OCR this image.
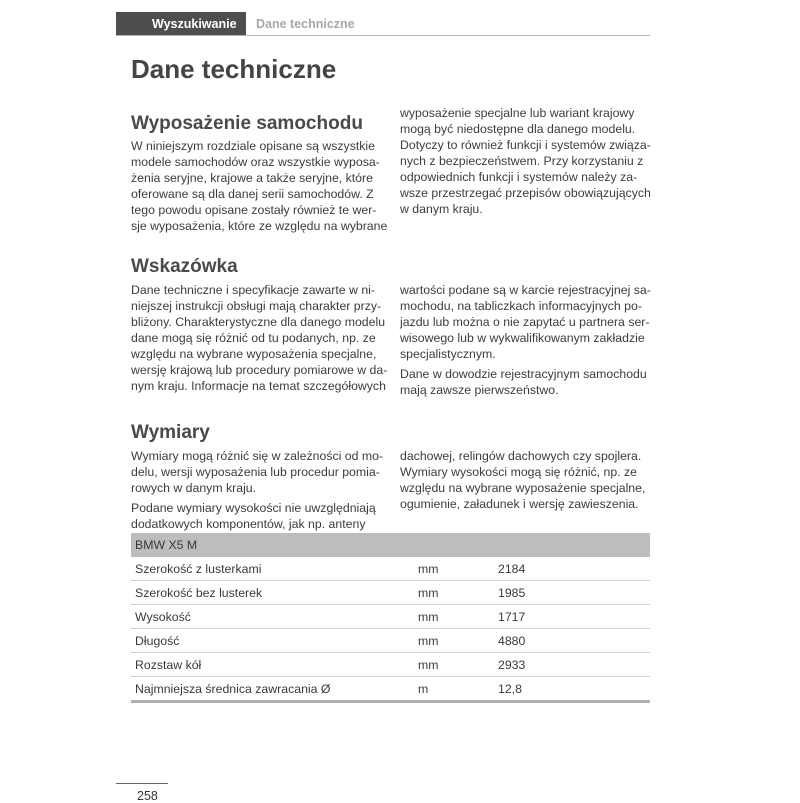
Wyszukiwanie	Dane techniczne
Dane techniczne
Wyposażenie samochodu
W niniejszym rozdziale opisane są wszystkie
modele samochodów oraz wszystkie wyposa-
żenia seryjne, krajowe a także seryjne, które
oferowane są dla danej serii samochodów. Z
tego powodu opisane zostały również te wer-
sje wyposażenia, które ze względu na wybrane
wyposażenie specjalne lub wariant krajowy
mogą być niedostępne dla danego modelu.
Dotyczy to również funkcji i systemów związa-
nych z bezpieczeństwem. Przy korzystaniu z
odpowiednich funkcji i systemów należy za-
wsze przestrzegać przepisów obowiązujących
w danym kraju.
Wskazówka
Dane techniczne i specyfikacje zawarte w ni-
niejszej instrukcji obsługi mają charakter przy-
bliżony. Charakterystyczne dla danego modelu
dane mogą się różnić od tu podanych, np. ze
względu na wybrane wyposażenia specjalne,
wersję krajową lub procedury pomiarowe w da-
nym kraju. Informacje na temat szczegółowych
wartości podane są w karcie rejestracyjnej sa-
mochodu, na tabliczkach informacyjnych po-
jazdu lub można o nie zapytać u partnera ser-
wisowego lub w wykwalifikowanym zakładzie
specjalistycznym.
Dane w dowodzie rejestracyjnym samochodu
mają zawsze pierwszeństwo.
Wymiary
Wymiary mogą różnić się w zależności od mo-
delu, wersji wyposażenia lub procedur pomia-
rowych w danym kraju.
Podane wymiary wysokości nie uwzględniają
dodatkowych komponentów, jak np. anteny
dachowej, relingów dachowych czy spojlera.
Wymiary wysokości mogą się różnić, np. ze
względu na wybrane wyposażenie specjalne,
ogumienie, załadunek i wersję zawieszenia.
BMW X5 M		
Szerokość z lusterkami	mm	2184
Szerokość bez lusterek	mm	1985
Wysokość	mm	1717
Długość	mm	4880
Rozstaw kół	mm	2933
Najmniejsza średnica zawracania Ø	m	12,8
258
